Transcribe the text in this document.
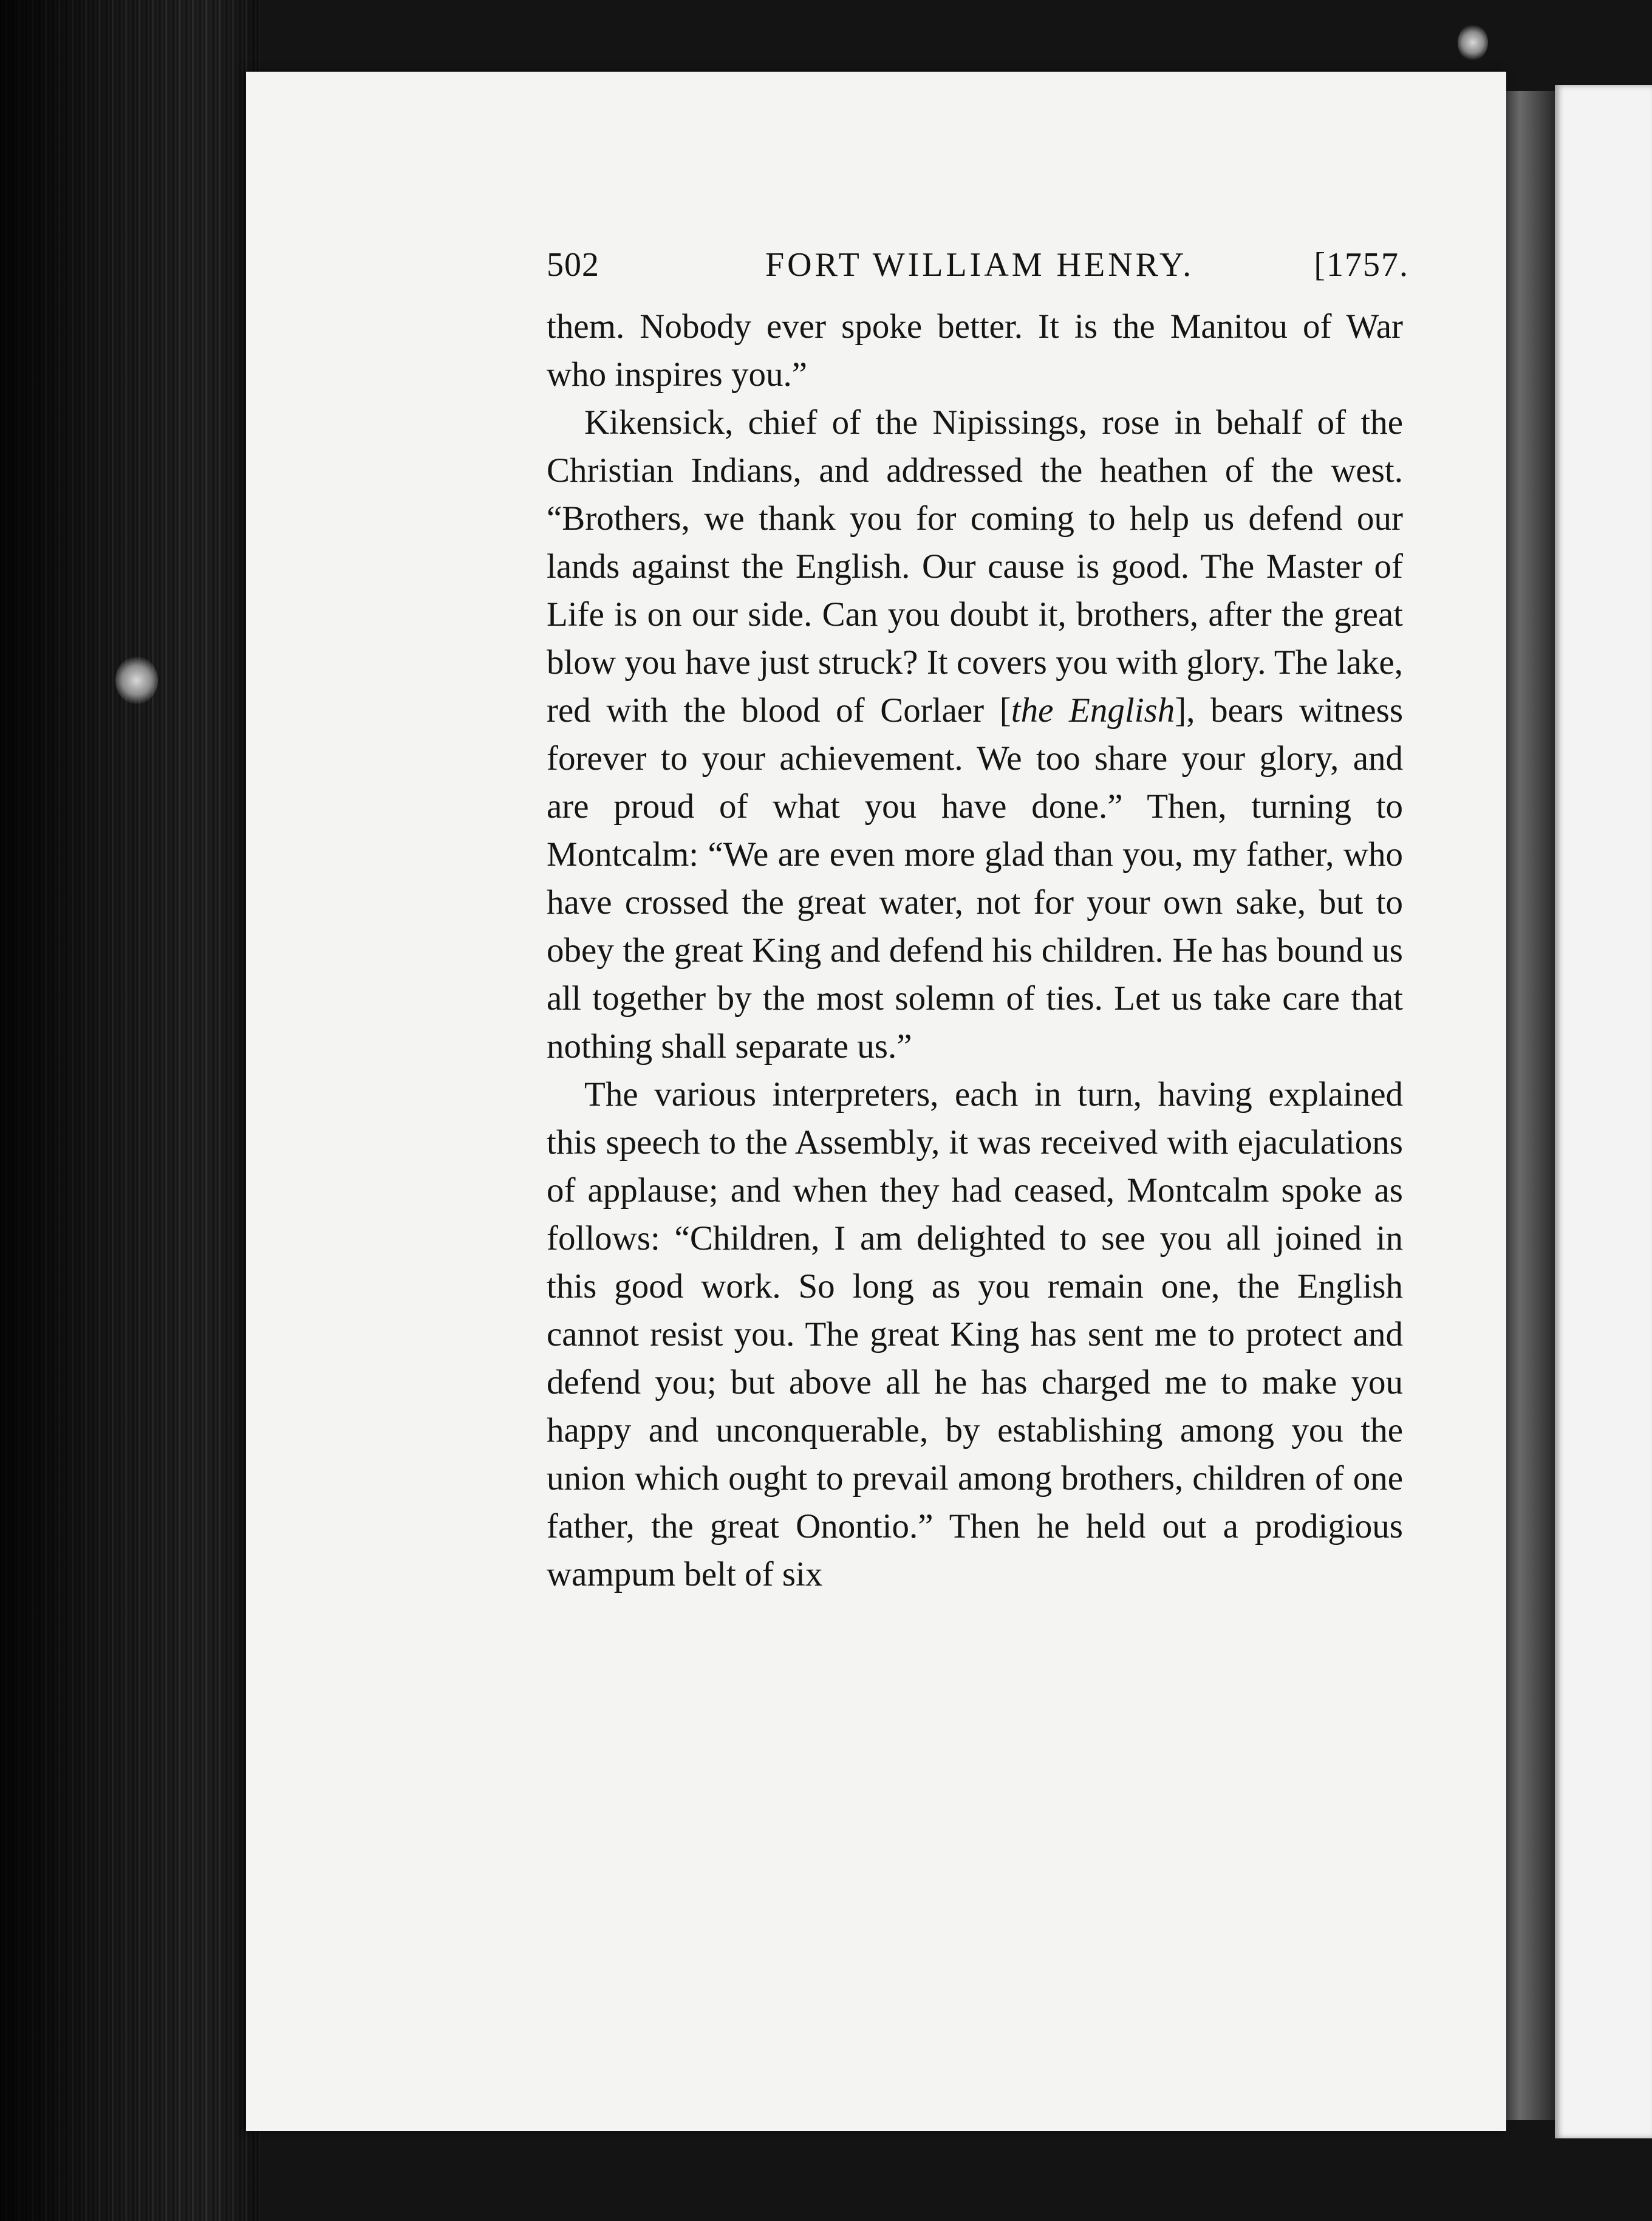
502	FORT WILLIAM HENRY.	[1757.

them. Nobody ever spoke better. It is the Manitou of War who inspires you.”

Kikensick, chief of the Nipissings, rose in behalf of the Christian Indians, and addressed the heathen of the west. “Brothers, we thank you for coming to help us defend our lands against the English. Our cause is good. The Master of Life is on our side. Can you doubt it, brothers, after the great blow you have just struck? It covers you with glory. The lake, red with the blood of Corlaer [the English], bears witness forever to your achievement. We too share your glory, and are proud of what you have done.” Then, turning to Montcalm: “We are even more glad than you, my father, who have crossed the great water, not for your own sake, but to obey the great King and defend his children. He has bound us all together by the most solemn of ties. Let us take care that nothing shall separate us.”

The various interpreters, each in turn, having explained this speech to the Assembly, it was received with ejaculations of applause; and when they had ceased, Montcalm spoke as follows: “Children, I am delighted to see you all joined in this good work. So long as you remain one, the English cannot resist you. The great King has sent me to protect and defend you; but above all he has charged me to make you happy and unconquerable, by establishing among you the union which ought to prevail among brothers, children of one father, the great Onontio.” Then he held out a prodigious wampum belt of six
